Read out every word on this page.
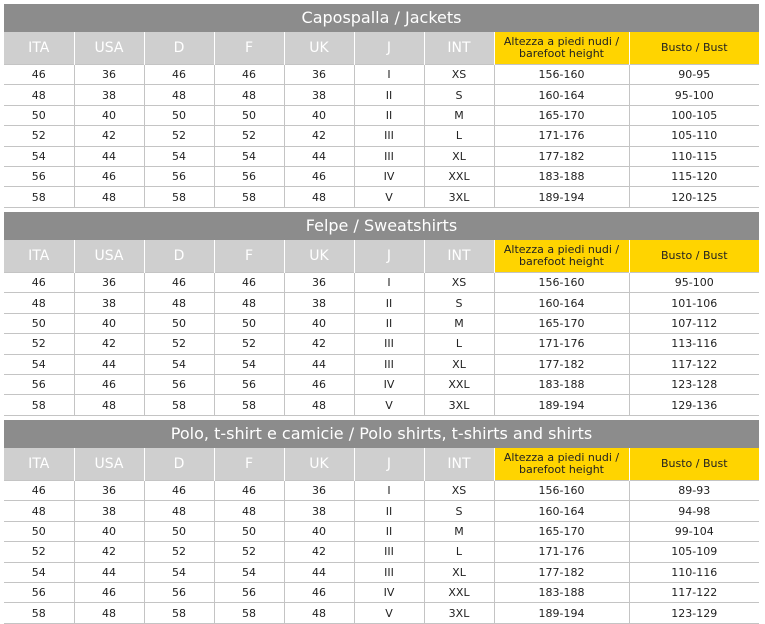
Capospalla / Jackets
ITA	USA	D	F	UK	J	INT	Altezza a piedi nudi / barefoot height	Busto / Bust
46	36	46	46	36	I	XS	156-160	90-95
48	38	48	48	38	II	S	160-164	95-100
50	40	50	50	40	II	M	165-170	100-105
52	42	52	52	42	III	L	171-176	105-110
54	44	54	54	44	III	XL	177-182	110-115
56	46	56	56	46	IV	XXL	183-188	115-120
58	48	58	58	48	V	3XL	189-194	120-125
Felpe / Sweatshirts
ITA	USA	D	F	UK	J	INT	Altezza a piedi nudi / barefoot height	Busto / Bust
46	36	46	46	36	I	XS	156-160	95-100
48	38	48	48	38	II	S	160-164	101-106
50	40	50	50	40	II	M	165-170	107-112
52	42	52	52	42	III	L	171-176	113-116
54	44	54	54	44	III	XL	177-182	117-122
56	46	56	56	46	IV	XXL	183-188	123-128
58	48	58	58	48	V	3XL	189-194	129-136
Polo, t-shirt e camicie / Polo shirts, t-shirts and shirts
ITA	USA	D	F	UK	J	INT	Altezza a piedi nudi / barefoot height	Busto / Bust
46	36	46	46	36	I	XS	156-160	89-93
48	38	48	48	38	II	S	160-164	94-98
50	40	50	50	40	II	M	165-170	99-104
52	42	52	52	42	III	L	171-176	105-109
54	44	54	54	44	III	XL	177-182	110-116
56	46	56	56	46	IV	XXL	183-188	117-122
58	48	58	58	48	V	3XL	189-194	123-129
